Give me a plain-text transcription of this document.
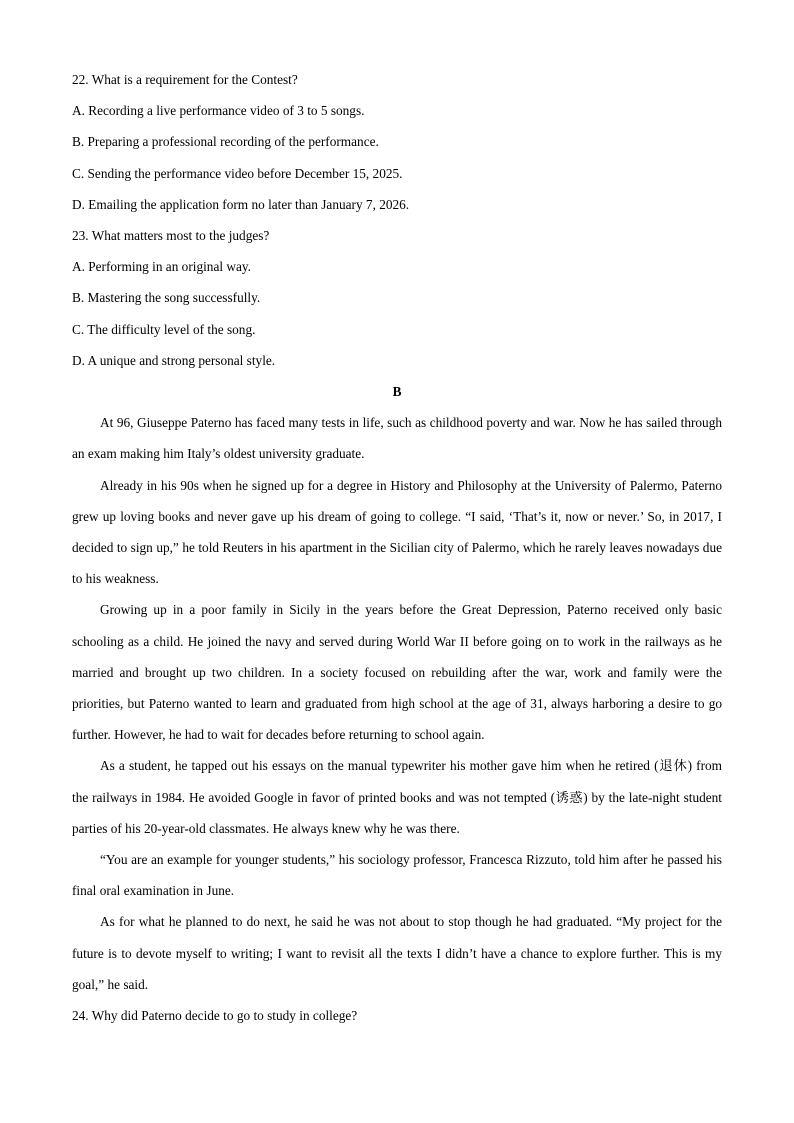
22. What is a requirement for the Contest?

A. Recording a live performance video of 3 to 5 songs.

B. Preparing a professional recording of the performance.

C. Sending the performance video before December 15, 2025.

D. Emailing the application form no later than January 7, 2026.

23. What matters most to the judges?

A. Performing in an original way.

B. Mastering the song successfully.

C. The difficulty level of the song.

D. A unique and strong personal style.

B

At 96, Giuseppe Paterno has faced many tests in life, such as childhood poverty and war. Now he has sailed through an exam making him Italy’s oldest university graduate.

Already in his 90s when he signed up for a degree in History and Philosophy at the University of Palermo, Paterno grew up loving books and never gave up his dream of going to college. “I said, ‘That’s it, now or never.’ So, in 2017, I decided to sign up,” he told Reuters in his apartment in the Sicilian city of Palermo, which he rarely leaves nowadays due to his weakness.

Growing up in a poor family in Sicily in the years before the Great Depression, Paterno received only basic schooling as a child. He joined the navy and served during World War II before going on to work in the railways as he married and brought up two children. In a society focused on rebuilding after the war, work and family were the priorities, but Paterno wanted to learn and graduated from high school at the age of 31, always harboring a desire to go further. However, he had to wait for decades before returning to school again.

As a student, he tapped out his essays on the manual typewriter his mother gave him when he retired (退休) from the railways in 1984. He avoided Google in favor of printed books and was not tempted (诱惑) by the late-night student parties of his 20-year-old classmates. He always knew why he was there.

“You are an example for younger students,” his sociology professor, Francesca Rizzuto, told him after he passed his final oral examination in June.

As for what he planned to do next, he said he was not about to stop though he had graduated. “My project for the future is to devote myself to writing; I want to revisit all the texts I didn’t have a chance to explore further. This is my goal,” he said.

24. Why did Paterno decide to go to study in college?
